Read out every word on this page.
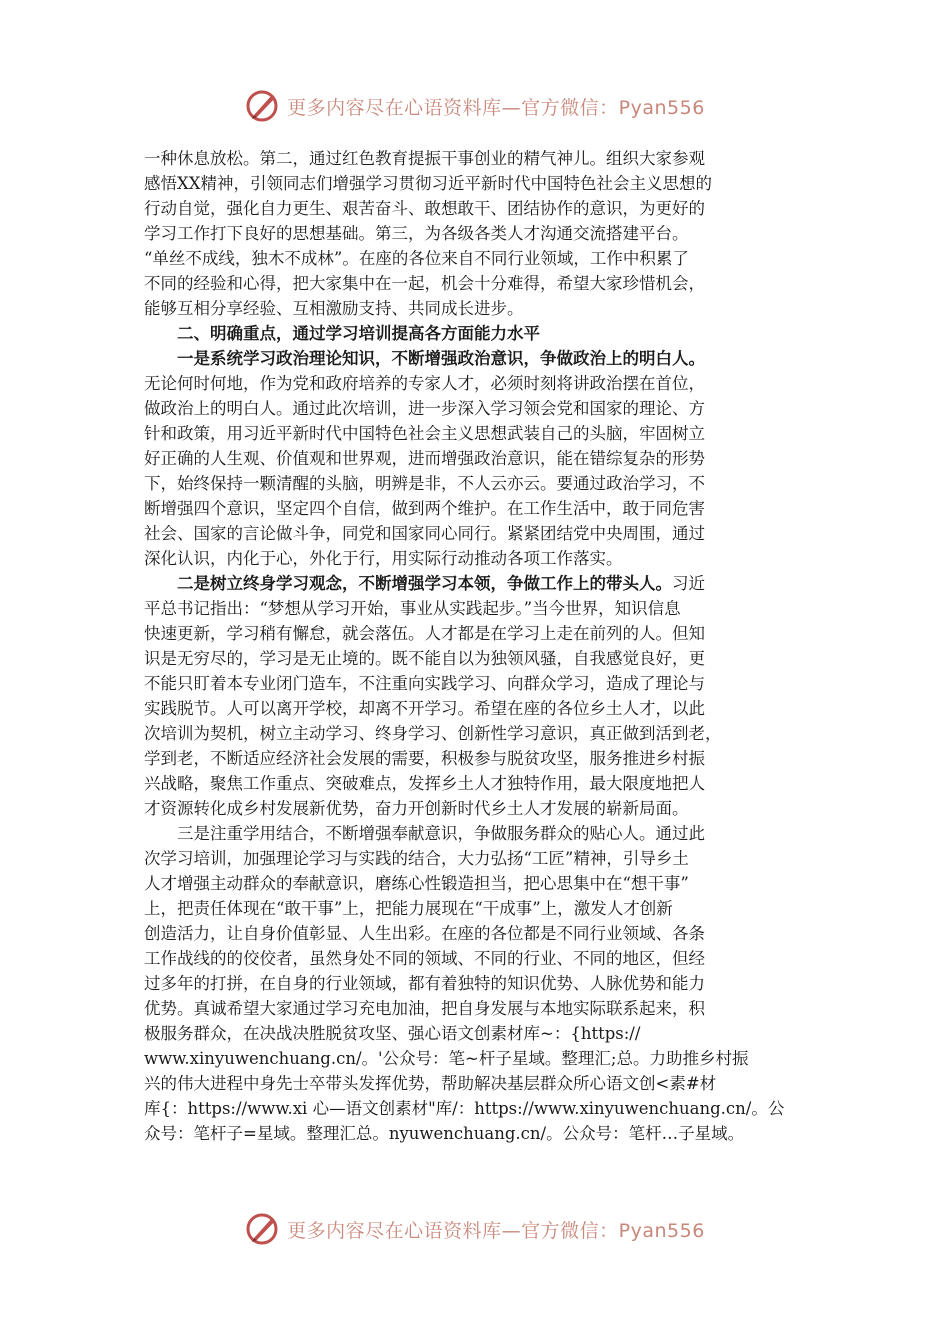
更多内容尽在心语资料库—官方微信：Pyan556

一种休息放松。第二，通过红色教育提振干事创业的精气神儿。组织大家参观

感悟XX精神，引领同志们增强学习贯彻习近平新时代中国特色社会主义思想的

行动自觉，强化自力更生、艰苦奋斗、敢想敢干、团结协作的意识，为更好的

学习工作打下良好的思想基础。第三，为各级各类人才沟通交流搭建平台。

“单丝不成线，独木不成林”。在座的各位来自不同行业领域，工作中积累了

不同的经验和心得，把大家集中在一起，机会十分难得，希望大家珍惜机会，

能够互相分享经验、互相激励支持、共同成长进步。

二、明确重点，通过学习培训提高各方面能力水平

一是系统学习政治理论知识，不断增强政治意识，争做政治上的明白人。

无论何时何地，作为党和政府培养的专家人才，必须时刻将讲政治摆在首位，

做政治上的明白人。通过此次培训，进一步深入学习领会党和国家的理论、方

针和政策，用习近平新时代中国特色社会主义思想武装自己的头脑，牢固树立

好正确的人生观、价值观和世界观，进而增强政治意识，能在错综复杂的形势

下，始终保持一颗清醒的头脑，明辨是非，不人云亦云。要通过政治学习，不

断增强四个意识，坚定四个自信，做到两个维护。在工作生活中，敢于同危害

社会、国家的言论做斗争，同党和国家同心同行。紧紧团结党中央周围，通过

深化认识，内化于心，外化于行，用实际行动推动各项工作落实。

二是树立终身学习观念，不断增强学习本领，争做工作上的带头人。习近

平总书记指出：“梦想从学习开始，事业从实践起步。”当今世界，知识信息

快速更新，学习稍有懈怠，就会落伍。人才都是在学习上走在前列的人。但知

识是无穷尽的，学习是无止境的。既不能自以为独领风骚，自我感觉良好，更

不能只盯着本专业闭门造车，不注重向实践学习、向群众学习，造成了理论与

实践脱节。人可以离开学校，却离不开学习。希望在座的各位乡土人才，以此

次培训为契机，树立主动学习、终身学习、创新性学习意识，真正做到活到老，

学到老，不断适应经济社会发展的需要，积极参与脱贫攻坚，服务推进乡村振

兴战略，聚焦工作重点、突破难点，发挥乡土人才独特作用，最大限度地把人

才资源转化成乡村发展新优势，奋力开创新时代乡土人才发展的崭新局面。

三是注重学用结合，不断增强奉献意识，争做服务群众的贴心人。通过此

次学习培训，加强理论学习与实践的结合，大力弘扬“工匠”精神，引导乡土

人才增强主动群众的奉献意识，磨练心性锻造担当，把心思集中在“想干事”

上，把责任体现在“敢干事”上，把能力展现在“干成事”上，激发人才创新

创造活力，让自身价值彰显、人生出彩。在座的各位都是不同行业领域、各条

工作战线的的佼佼者，虽然身处不同的领域、不同的行业、不同的地区，但经

过多年的打拼，在自身的行业领域，都有着独特的知识优势、人脉优势和能力

优势。真诚希望大家通过学习充电加油，把自身发展与本地实际联系起来，积

极服务群众，在决战决胜脱贫攻坚、强心语文创素材库~：{https://

www.xinyuwenchuang.cn/。'公众号：笔~杆子星域。整理汇;总。力助推乡村振

兴的伟大进程中身先士卒带头发挥优势，帮助解决基层群众所心语文创<素#材

库{：https://www.xi 心—语文创素材"库/：https://www.xinyuwenchuang.cn/。公

众号：笔杆子=星域。整理汇总。nyuwenchuang.cn/。公众号：笔杆…子星域。

更多内容尽在心语资料库—官方微信：Pyan556
